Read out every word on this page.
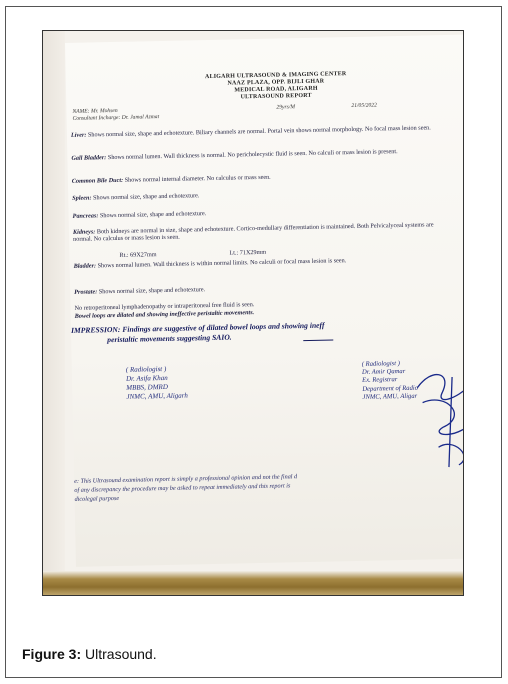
ALIGARH ULTRASOUND & IMAGING CENTER
NAAZ PLAZA, OPP. BIJLI GHAR
MEDICAL ROAD, ALIGARH
ULTRASOUND REPORT
NAME: Mr. Mohsen
29yrs/M	21/05/2022
Consultant Incharge: Dr. Jamal Azmat
Liver: Shows normal size, shape and echotexture. Biliary channels are normal. Portal vein shows normal morphology. No focal mass lesion seen.
Gall Bladder: Shows normal lumen. Wall thickness is normal. No pericholecystic fluid is seen. No calculi or mass lesion is present.
Common Bile Duct: Shows normal internal diameter. No calculus or mass seen.
Spleen: Shows normal size, shape and echotexture.
Pancreas: Shows normal size, shape and echotexture.
Kidneys: Both kidneys are normal in size, shape and echotexture. Cortico-medullary differentiation is maintained. Both Pelvicalyceal systems are normal. No calculus or mass lesion is seen.
Rt.: 69X27mm	Lt.: 71X29mm
Bladder: Shows normal lumen. Wall thickness is within normal limits. No calculi or focal mass lesion is seen.
Prostate: Shows normal size, shape and echotexture.
No retroperitoneal lymphadenopathy or intraperitoneal free fluid is seen.
Bowel loops are dilated and showing ineffective peristaltic movements.
IMPRESSION: Findings are suggestive of dilated bowel loops and showing ineff
peristaltic movements suggesting SAIO.
( Radiologist )
Dr. Asifa Khan
MBBS, DMRD
JNMC, AMU, Aligarh
( Radiologist )
Dr. Amir Qamar
Ex. Registrar
Department of Radio
JNMC, AMU, Aligar
e: This Ultrasound examination report is simply a professional opinion and not the final d
of any discrepancy the procedure may be asked to repeat immediately and this report is
dicolegal purpose
Figure 3: Ultrasound.
